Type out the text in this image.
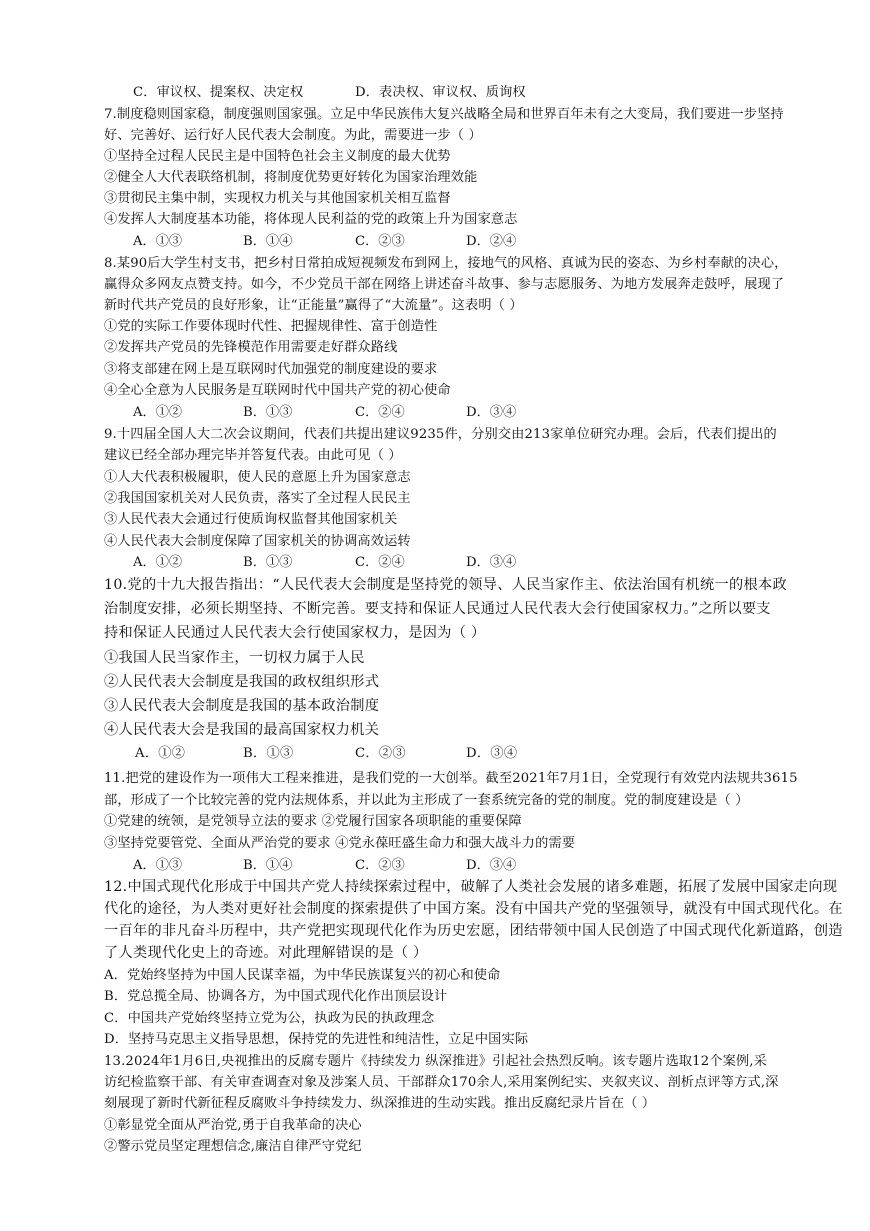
C．审议权、提案权、决定权	D．表决权、审议权、质询权
7.制度稳则国家稳，制度强则国家强。立足中华民族伟大复兴战略全局和世界百年未有之大变局，我们要进一步坚持
好、完善好、运行好人民代表大会制度。为此，需要进一步（ ）
①坚持全过程人民民主是中国特色社会主义制度的最大优势
②健全人大代表联络机制，将制度优势更好转化为国家治理效能
③贯彻民主集中制，实现权力机关与其他国家机关相互监督
④发挥人大制度基本功能，将体现人民利益的党的政策上升为国家意志
A．①③	B．①④	C．②③	D．②④
8.某90后大学生村支书，把乡村日常拍成短视频发布到网上，接地气的风格、真诚为民的姿态、为乡村奉献的决心，
赢得众多网友点赞支持。如今，不少党员干部在网络上讲述奋斗故事、参与志愿服务、为地方发展奔走鼓呼，展现了
新时代共产党员的良好形象，让“正能量”赢得了“大流量”。这表明（ ）
①党的实际工作要体现时代性、把握规律性、富于创造性
②发挥共产党员的先锋模范作用需要走好群众路线
③将支部建在网上是互联网时代加强党的制度建设的要求
④全心全意为人民服务是互联网时代中国共产党的初心使命
A．①②	B．①③	C．②④	D．③④
9.十四届全国人大二次会议期间，代表们共提出建议9235件，分别交由213家单位研究办理。会后，代表们提出的
建议已经全部办理完毕并答复代表。由此可见（ ）
①人大代表积极履职，使人民的意愿上升为国家意志
②我国国家机关对人民负责，落实了全过程人民民主
③人民代表大会通过行使质询权监督其他国家机关
④人民代表大会制度保障了国家机关的协调高效运转
A．①②	B．①③	C．②④	D．③④
10.党的十九大报告指出：“人民代表大会制度是坚持党的领导、人民当家作主、依法治国有机统一的根本政
治制度安排，必须长期坚持、不断完善。要支持和保证人民通过人民代表大会行使国家权力。”之所以要支
持和保证人民通过人民代表大会行使国家权力，是因为（ ）
①我国人民当家作主，一切权力属于人民
②人民代表大会制度是我国的政权组织形式
③人民代表大会制度是我国的基本政治制度
④人民代表大会是我国的最高国家权力机关
A．①②	B．①③	C．②③	D．③④
11.把党的建设作为一项伟大工程来推进，是我们党的一大创举。截至2021年7月1日，全党现行有效党内法规共3615
部，形成了一个比较完善的党内法规体系，并以此为主形成了一套系统完备的党的制度。党的制度建设是（ ）
①党建的统领，是党领导立法的要求 ②党履行国家各项职能的重要保障
③坚持党要管党、全面从严治党的要求 ④党永葆旺盛生命力和强大战斗力的需要
A．①③	B．①④	C．②③	D．③④
12.中国式现代化形成于中国共产党人持续探索过程中，破解了人类社会发展的诸多难题，拓展了发展中国家走向现
代化的途径，为人类对更好社会制度的探索提供了中国方案。没有中国共产党的坚强领导，就没有中国式现代化。在
一百年的非凡奋斗历程中，共产党把实现现代化作为历史宏愿，团结带领中国人民创造了中国式现代化新道路，创造
了人类现代化史上的奇迹。对此理解错误的是（ ）
A．党始终坚持为中国人民谋幸福，为中华民族谋复兴的初心和使命
B．党总揽全局、协调各方，为中国式现代化作出顶层设计
C．中国共产党始终坚持立党为公，执政为民的执政理念
D．坚持马克思主义指导思想，保持党的先进性和纯洁性，立足中国实际
13.2024年1月6日,央视推出的反腐专题片《持续发力 纵深推进》引起社会热烈反响。该专题片选取12个案例,采
访纪检监察干部、有关审查调查对象及涉案人员、干部群众170余人,采用案例纪实、夹叙夹议、剖析点评等方式,深
刻展现了新时代新征程反腐败斗争持续发力、纵深推进的生动实践。推出反腐纪录片旨在（ ）
①彰显党全面从严治党,勇于自我革命的决心
②警示党员坚定理想信念,廉洁自律严守党纪
